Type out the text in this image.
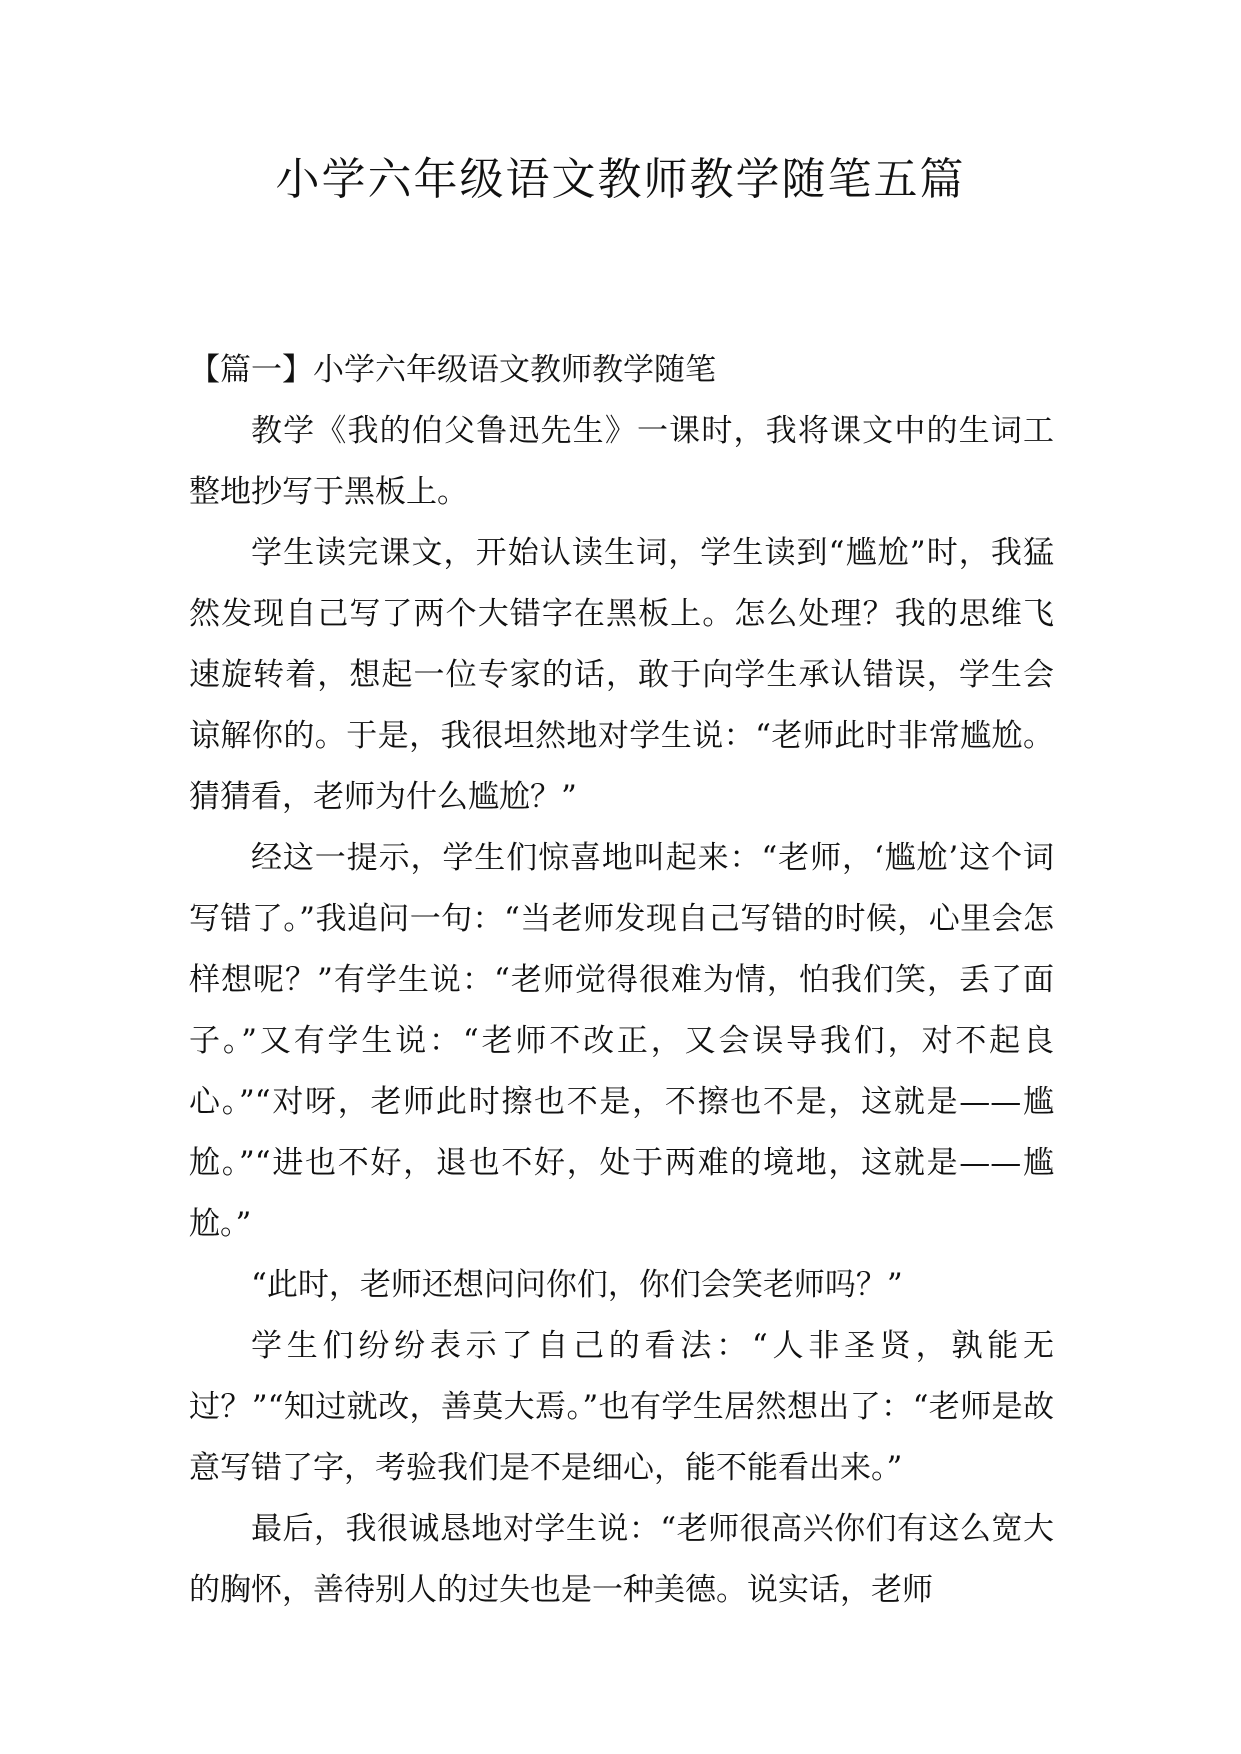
小学六年级语文教师教学随笔五篇

【篇一】小学六年级语文教师教学随笔

教学《我的伯父鲁迅先生》一课时，我将课文中的生词工整地抄写于黑板上。

学生读完课文，开始认读生词，学生读到“尴尬”时，我猛然发现自己写了两个大错字在黑板上。怎么处理？我的思维飞速旋转着，想起一位专家的话，敢于向学生承认错误，学生会谅解你的。于是，我很坦然地对学生说：“老师此时非常尴尬。猜猜看，老师为什么尴尬？”

经这一提示，学生们惊喜地叫起来：“老师，‘尴尬’这个词写错了。”我追问一句：“当老师发现自己写错的时候，心里会怎样想呢？”有学生说：“老师觉得很难为情，怕我们笑，丢了面子。”又有学生说：“老师不改正，又会误导我们，对不起良心。”“对呀，老师此时擦也不是，不擦也不是，这就是——尴尬。”“进也不好，退也不好，处于两难的境地，这就是——尴尬。”

“此时，老师还想问问你们，你们会笑老师吗？”

学生们纷纷表示了自己的看法：“人非圣贤，孰能无过？”“知过就改，善莫大焉。”也有学生居然想出了：“老师是故意写错了字，考验我们是不是细心，能不能看出来。”

最后，我很诚恳地对学生说：“老师很高兴你们有这么宽大的胸怀，善待别人的过失也是一种美德。说实话，老师
